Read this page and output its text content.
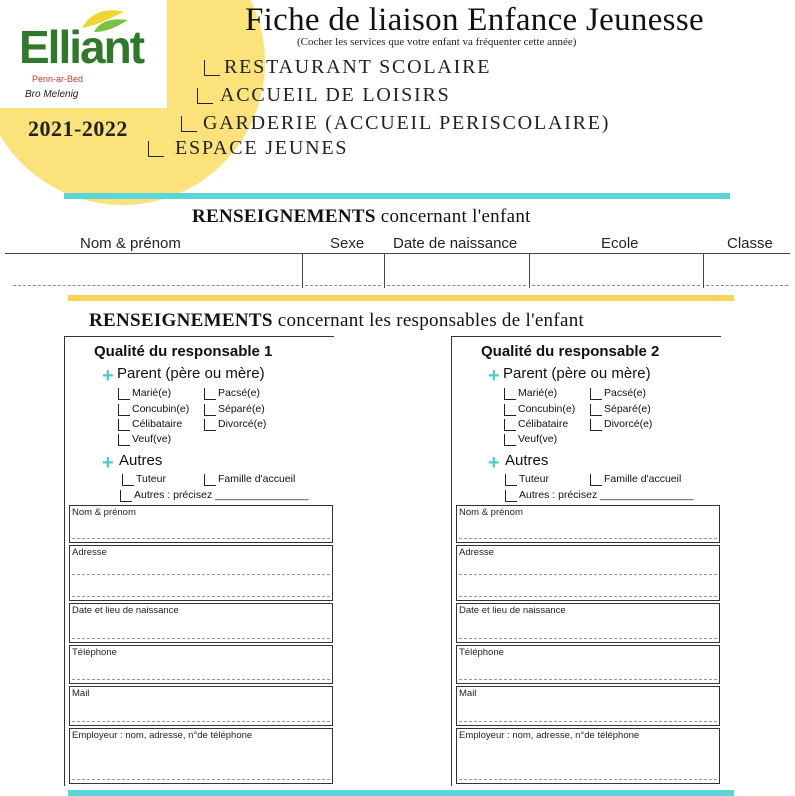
Elliant
Penn-ar-Bed
Bro Melenig
2021-2022
Fiche de liaison Enfance Jeunesse
(Cocher les services que votre enfant va fréquenter cette année)
RESTAURANT SCOLAIRE
ACCUEIL DE LOISIRS
GARDERIE (ACCUEIL PERISCOLAIRE)
ESPACE JEUNES
RENSEIGNEMENTS concernant l'enfant
Nom & prénom	Sexe Date de naissance	Ecole	Classe
RENSEIGNEMENTS concernant les responsables de l'enfant
Qualité du responsable 1
+ Parent (père ou mère)
Marié(e)
Concubin(e)
Célibataire
Veuf(ve)
Pacsé(e)
Séparé(e)
Divorcé(e)
+ Autres
Tuteur	Famille d'accueil
Autres : précisez ________________
Nom & prénom
Adresse
Date et lieu de naissance
Téléphone
Mail
Employeur : nom, adresse, n°de téléphone
Qualité du responsable 2
+ Parent (père ou mère)
Marié(e)
Concubin(e)
Célibataire
Veuf(ve)
Pacsé(e)
Séparé(e)
Divorcé(e)
+ Autres
Tuteur	Famille d'accueil
Autres : précisez ________________
Nom & prénom
Adresse
Date et lieu de naissance
Téléphone
Mail
Employeur : nom, adresse, n°de téléphone
